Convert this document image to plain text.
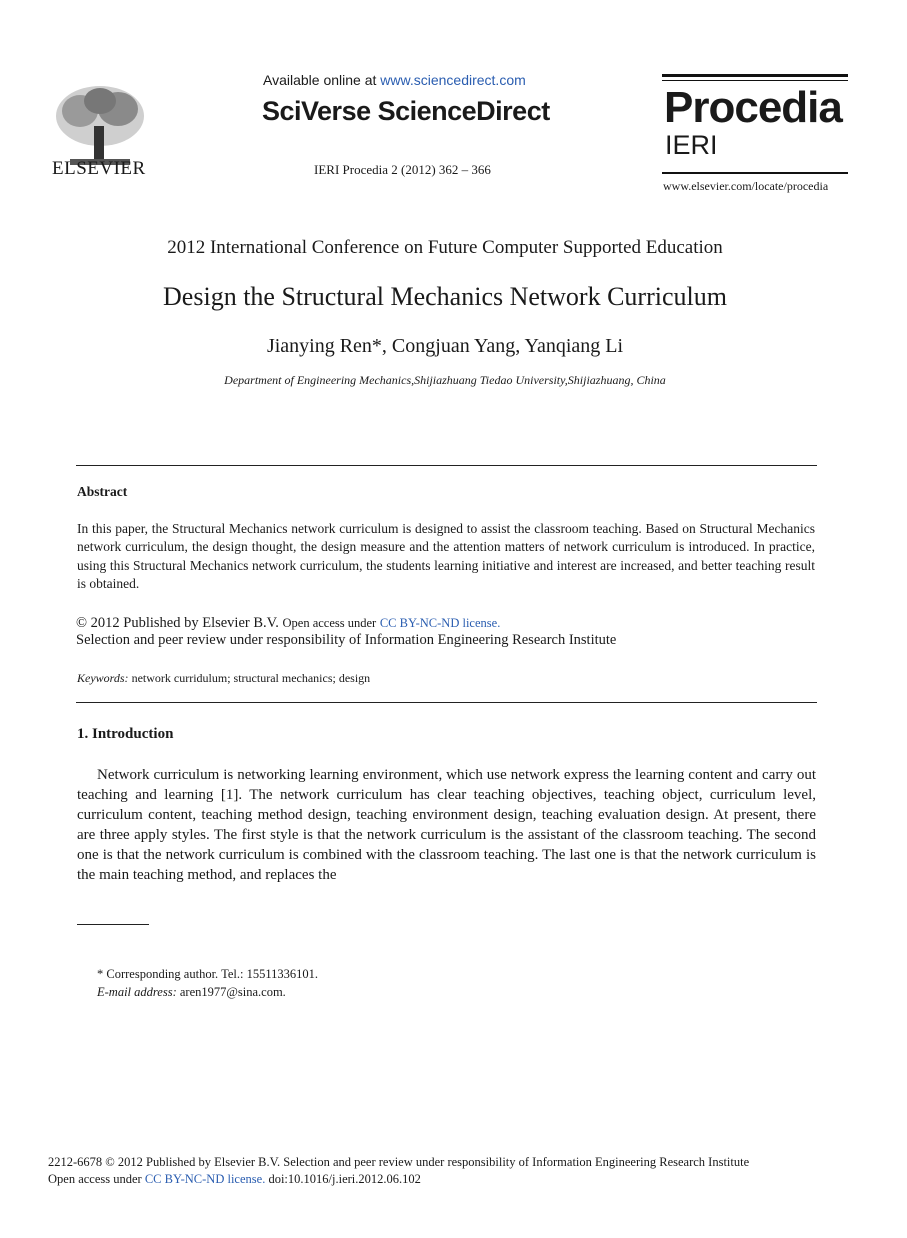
ELSEVIER
Available online at www.sciencedirect.com
SciVerse ScienceDirect
IERI Procedia 2 (2012) 362 – 366
Procedia
IERI
www.elsevier.com/locate/procedia
2012 International Conference on Future Computer Supported Education
Design the Structural Mechanics Network Curriculum
Jianying Ren*, Congjuan Yang, Yanqiang Li
Department of Engineering Mechanics,Shijiazhuang Tiedao University,Shijiazhuang, China
Abstract
In this paper, the Structural Mechanics network curriculum is designed to assist the classroom teaching. Based on Structural Mechanics network curriculum, the design thought, the design measure and the attention matters of network curriculum is introduced. In practice, using this Structural Mechanics network curriculum, the students learning initiative and interest are increased, and better teaching result is obtained.
© 2012 Published by Elsevier B.V. Open access under CC BY-NC-ND license.
Selection and peer review under responsibility of Information Engineering Research Institute
Keywords: network curridulum; structural mechanics; design
1. Introduction
Network curriculum is networking learning environment, which use network express the learning content and carry out teaching and learning [1]. The network curriculum has clear teaching objectives, teaching object, curriculum level, curriculum content, teaching method design, teaching environment design, teaching evaluation design. At present, there are three apply styles. The first style is that the network curriculum is the assistant of the classroom teaching. The second one is that the network curriculum is combined with the classroom teaching. The last one is that the network curriculum is the main teaching method, and replaces the
* Corresponding author. Tel.: 15511336101.
E-mail address: aren1977@sina.com.
2212-6678 © 2012 Published by Elsevier B.V. Selection and peer review under responsibility of Information Engineering Research Institute
Open access under CC BY-NC-ND license. doi:10.1016/j.ieri.2012.06.102
